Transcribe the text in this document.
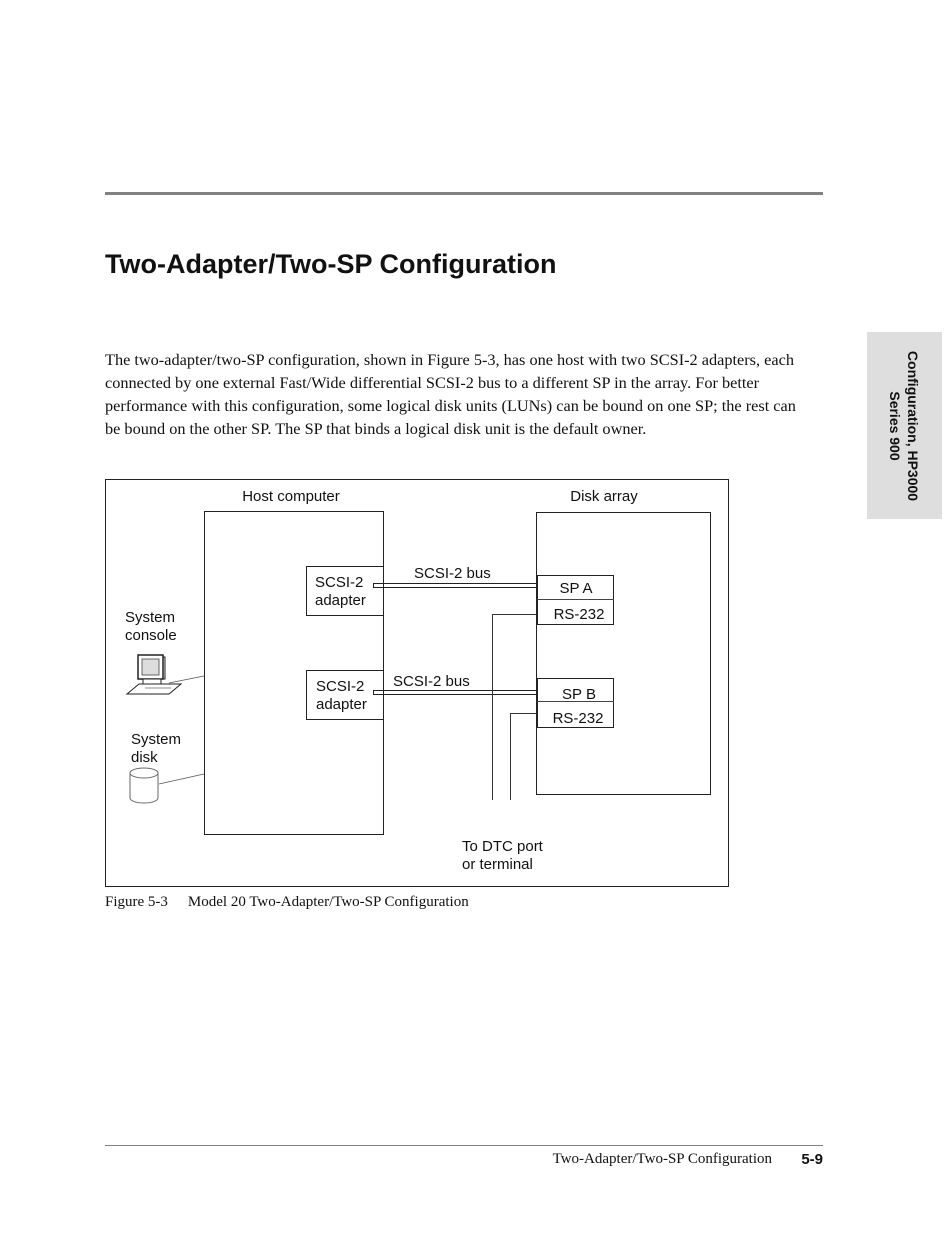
Two-Adapter/Two-SP Configuration

The two-adapter/two-SP configuration, shown in Figure 5-3, has one host with two SCSI-2 adapters, each connected by one external Fast/Wide differential SCSI-2 bus to a different SP in the array. For better performance with this configuration, some logical disk units (LUNs) can be bound on one SP; the rest can be bound on the other SP. The SP that binds a logical disk unit is the default owner.	Configuration, HP3000
Series 900
Host computer	Disk array
SCSI-2
adapter
SCSI-2
adapter
SCSI-2 bus
SCSI-2 bus
SP A
RS-232
SP B
RS-232
To DTC port
or terminal
System
console
System
disk

Figure 5-3 Model 20 Two-Adapter/Two-SP Configuration

Two-Adapter/Two-SP Configuration 5-9
